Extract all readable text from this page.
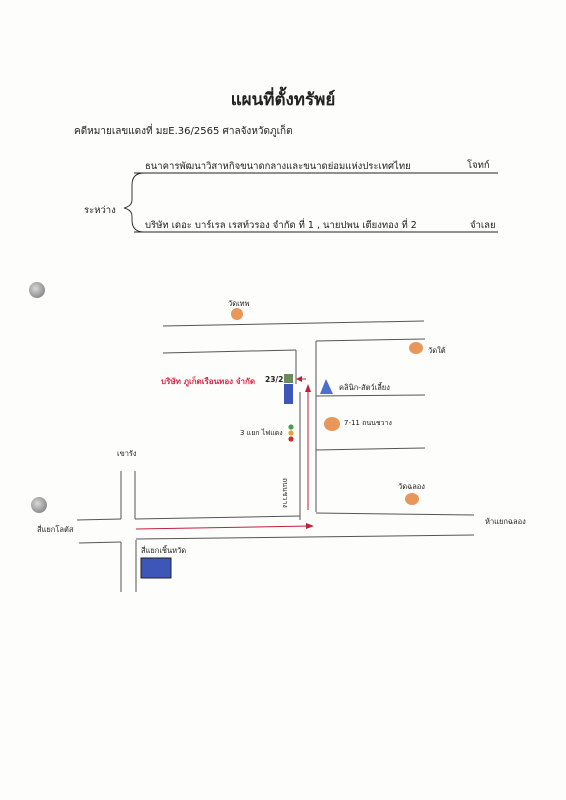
แผนที่ตั้งทรัพย์
คดีหมายเลขแดงที่ มยE.36/2565 ศาลจังหวัดภูเก็ต
ระหว่าง
ธนาคารพัฒนาวิสาหกิจขนาดกลางและขนาดย่อมแห่งประเทศไทย	โจทก์
บริษัท เดอะ บาร์เรล เรสท์วรอง จำกัด ที่ 1 , นายปพน เตียงทอง ที่ 2	จำเลย
วัดเทพ
วัดใต้
บริษัท ภูเก็ตเรือนทอง จำกัด 23/2
คลินิก-สัตว์เลี้ยง
7-11 ถนนชวาง
3 แยก ไฟแดง
เขารัง
ถนนชวาง	วัดฉลอง
สี่แยกโลตัส
ห้าแยกฉลอง
สี่แยกเชิ้นหวัด
